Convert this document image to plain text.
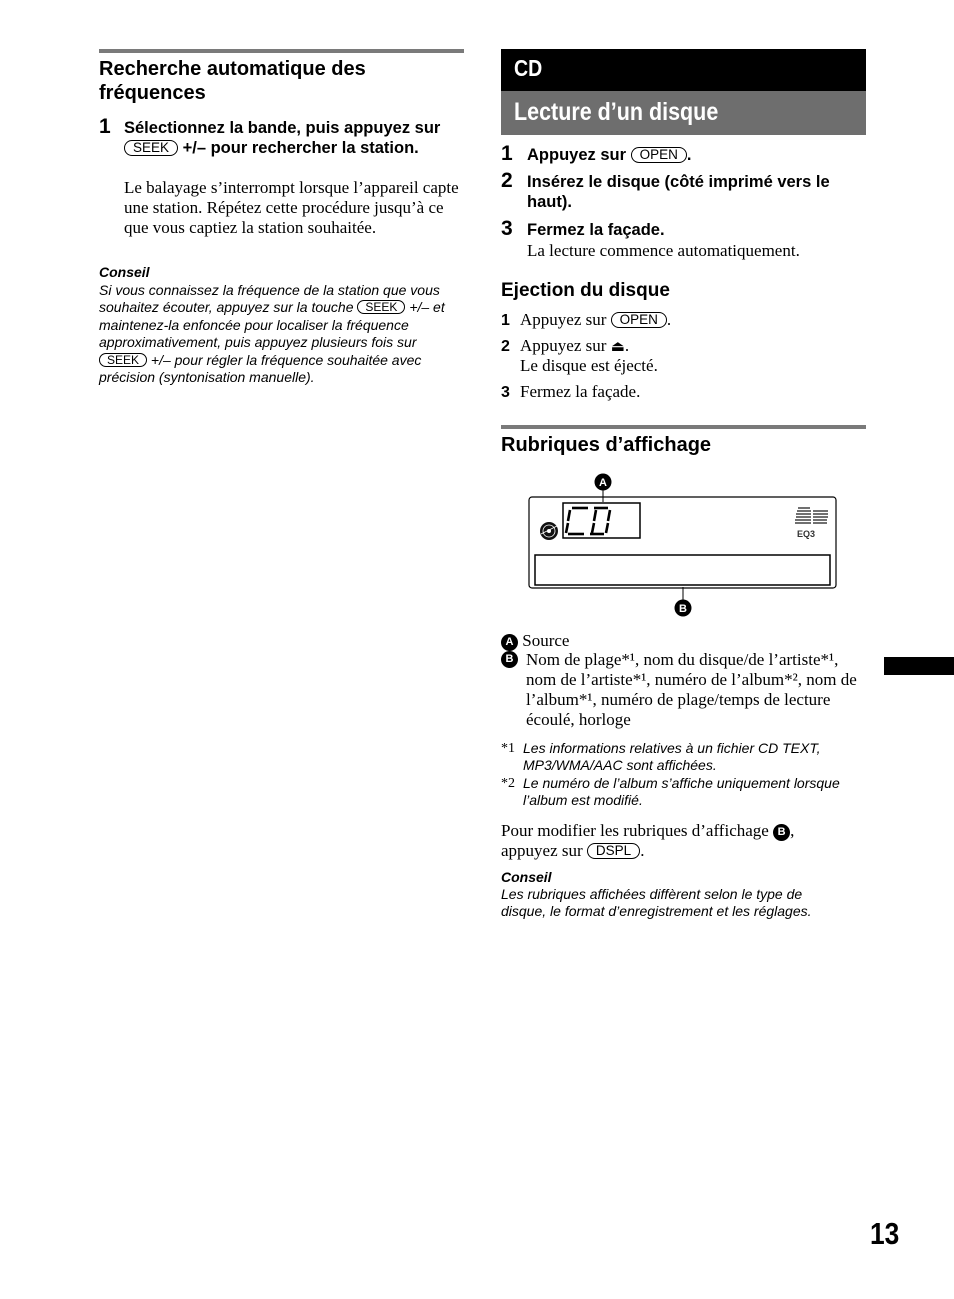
Recherche automatique des fréquences
1 Sélectionnez la bande, puis appuyez sur SEEK +/– pour rechercher la station.
Le balayage s’interrompt lorsque l’appareil capte une station. Répétez cette procédure jusqu’à ce que vous captiez la station souhaitée.
Conseil
Si vous connaissez la fréquence de la station que vous souhaitez écouter, appuyez sur la touche SEEK +/– et maintenez-la enfoncée pour localiser la fréquence approximativement, puis appuyez plusieurs fois sur SEEK +/– pour régler la fréquence souhaitée avec précision (syntonisation manuelle).
CD
Lecture d’un disque
1 Appuyez sur OPEN .
2 Insérez le disque (côté imprimé vers le haut).
3 Fermez la façade.
La lecture commence automatiquement.
Ejection du disque
1 Appuyez sur OPEN .
2 Appuyez sur ⏏.
Le disque est éjecté.
3 Fermez la façade.
Rubriques d’affichage
EQ3
A
B
A Source
B Nom de plage*¹, nom du disque/de l’artiste*¹, nom de l’artiste*¹, numéro de l’album*², nom de l’album*¹, numéro de plage/temps de lecture écoulé, horloge
*1 Les informations relatives à un fichier CD TEXT, MP3/WMA/AAC sont affichées.
*2 Le numéro de l’album s’affiche uniquement lorsque l’album est modifié.
Pour modifier les rubriques d’affichage B , appuyez sur DSPL .
Conseil
Les rubriques affichées diffèrent selon le type de disque, le format d’enregistrement et les réglages.
13
